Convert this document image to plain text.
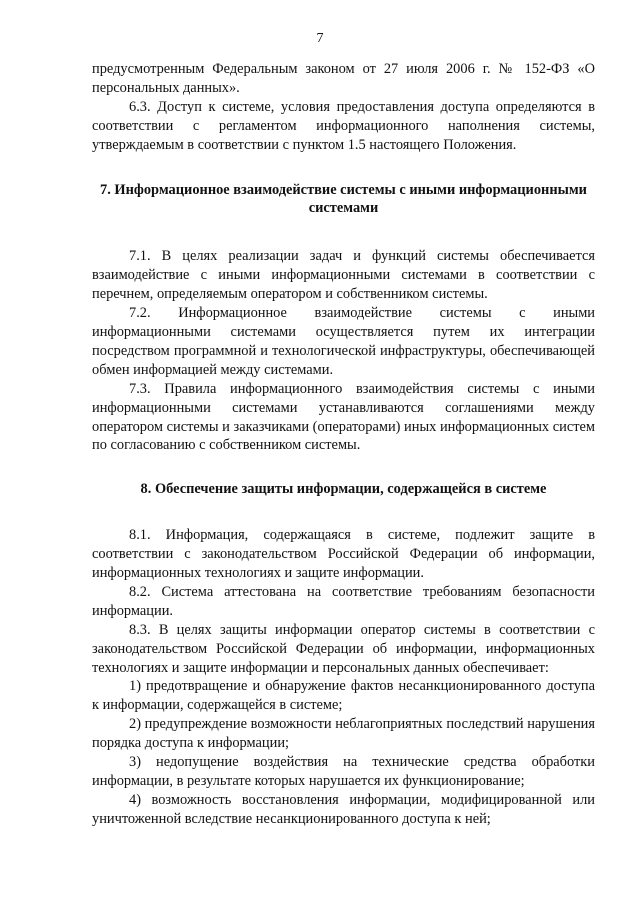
7

предусмотренным Федеральным законом от 27 июля 2006 г. № 152-ФЗ «О персональных данных».

6.3. Доступ к системе, условия предоставления доступа определяются в соответствии с регламентом информационного наполнения системы, утверждаемым в соответствии с пунктом 1.5 настоящего Положения.

7. Информационное взаимодействие системы с иными информационными системами

7.1. В целях реализации задач и функций системы обеспечивается взаимодействие с иными информационными системами в соответствии с перечнем, определяемым оператором и собственником системы.

7.2. Информационное взаимодействие системы с иными информационными системами осуществляется путем их интеграции посредством программной и технологической инфраструктуры, обеспечивающей обмен информацией между системами.

7.3. Правила информационного взаимодействия системы с иными информационными системами устанавливаются соглашениями между оператором системы и заказчиками (операторами) иных информационных систем по согласованию с собственником системы.

8. Обеспечение защиты информации, содержащейся в системе

8.1. Информация, содержащаяся в системе, подлежит защите в соответствии с законодательством Российской Федерации об информации, информационных технологиях и защите информации.

8.2. Система аттестована на соответствие требованиям безопасности информации.

8.3. В целях защиты информации оператор системы в соответствии с законодательством Российской Федерации об информации, информационных технологиях и защите информации и персональных данных обеспечивает:

1) предотвращение и обнаружение фактов несанкционированного доступа к информации, содержащейся в системе;

2) предупреждение возможности неблагоприятных последствий нарушения порядка доступа к информации;

3) недопущение воздействия на технические средства обработки информации, в результате которых нарушается их функционирование;

4) возможность восстановления информации, модифицированной или уничтоженной вследствие несанкционированного доступа к ней;
